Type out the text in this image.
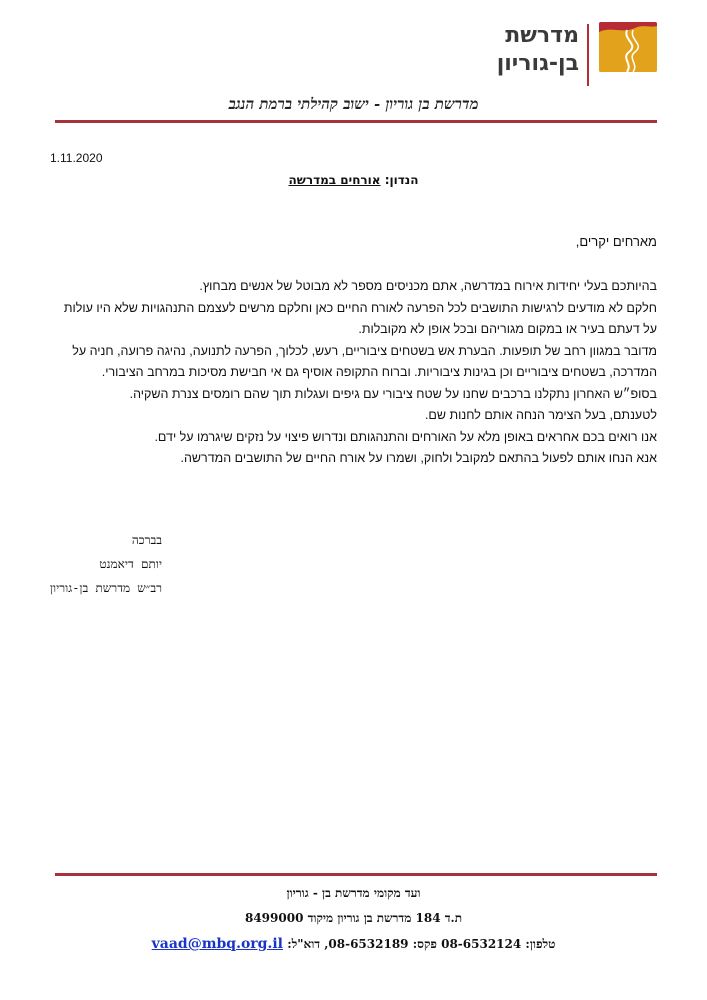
מדרשת
בן-גוריון
מדרשת בן גוריון - ישוב קהילתי ברמת הנגב
1.11.2020
הנדון: אורחים במדרשה
מארחים יקרים,

בהיותכם בעלי יחידות אירוח במדרשה, אתם מכניסים מספר לא מבוטל של אנשים מבחוץ.

חלקם לא מודעים לרגישות התושבים לכל הפרעה לאורח החיים כאן וחלקם מרשים לעצמם התנהגויות שלא היו עולות על דעתם בעיר או במקום מגוריהם ובכל אופן לא מקובלות.

מדובר במגוון רחב של תופעות. הבערת אש בשטחים ציבוריים, רעש, לכלוך, הפרעה לתנועה, נהיגה פרועה, חניה על המדרכה, בשטחים ציבוריים וכן בגינות ציבוריות. וברוח התקופה אוסיף גם אי חבישת מסיכות במרחב הציבורי.

בסופ״ש האחרון נתקלנו ברכבים שחנו על שטח ציבורי עם גיפים ועגלות תוך שהם רומסים צנרת השקיה.

לטענתם, בעל הצימר הנחה אותם לחנות שם.

אנו רואים בכם אחראים באופן מלא על האורחים והתנהגותם ונדרוש פיצוי על נזקים שיגרמו על ידם.

אנא הנחו אותם לפעול בהתאם למקובל ולחוק, ושמרו על אורח החיים של התושבים המדרשה.

בברכה
יותם דיאמנט
רב״ש מדרשת בן-גוריון
ועד מקומי מדרשת בן - גוריון
ת.ד 184 מדרשת בן גוריון מיקוד 8499000
טלפון: 08-6532124 פקס: 08-6532189, דוא"ל: vaad@mbq.org.il
